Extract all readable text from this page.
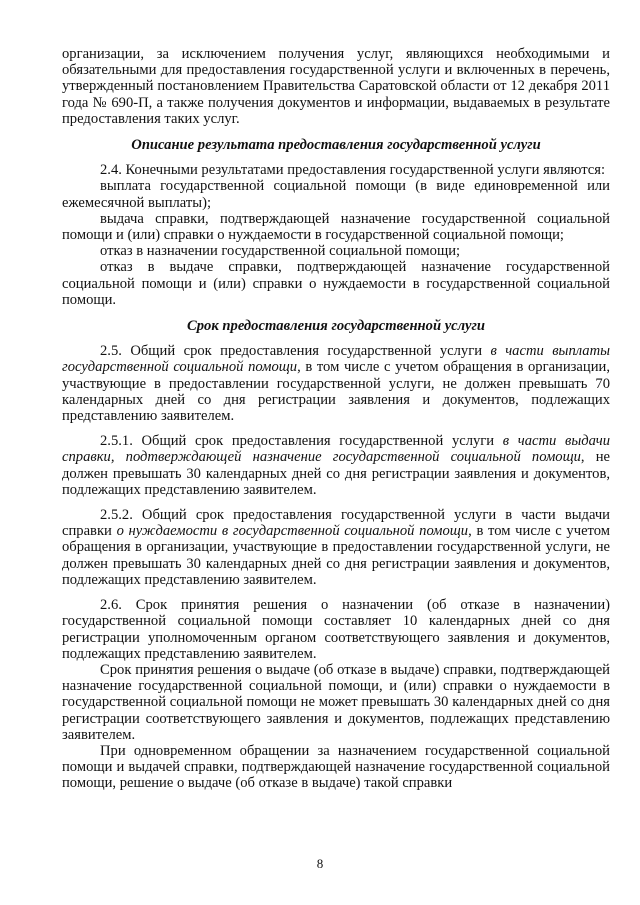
организации, за исключением получения услуг, являющихся необходимыми и обязательными для предоставления государственной услуги и включенных в перечень, утвержденный постановлением Правительства Саратовской области от 12 декабря 2011 года № 690-П, а также получения документов и информации, выдаваемых в результате предоставления таких услуг.

Описание результата предоставления государственной услуги

2.4. Конечными результатами предоставления государственной услуги являются:

выплата государственной социальной помощи (в виде единовременной или ежемесячной выплаты);

выдача справки, подтверждающей назначение государственной социальной помощи и (или) справки о нуждаемости в государственной социальной помощи;

отказ в назначении государственной социальной помощи;

отказ в выдаче справки, подтверждающей назначение государственной социальной помощи и (или) справки о нуждаемости в государственной социальной помощи.

Срок предоставления государственной услуги

2.5. Общий срок предоставления государственной услуги в части выплаты государственной социальной помощи, в том числе с учетом обращения в организации, участвующие в предоставлении государственной услуги, не должен превышать 70 календарных дней со дня регистрации заявления и документов, подлежащих представлению заявителем.

2.5.1. Общий срок предоставления государственной услуги в части выдачи справки, подтверждающей назначение государственной социальной помощи, не должен превышать 30 календарных дней со дня регистрации заявления и документов, подлежащих представлению заявителем.

2.5.2. Общий срок предоставления государственной услуги в части выдачи справки о нуждаемости в государственной социальной помощи, в том числе с учетом обращения в организации, участвующие в предоставлении государственной услуги, не должен превышать 30 календарных дней со дня регистрации заявления и документов, подлежащих представлению заявителем.

2.6. Срок принятия решения о назначении (об отказе в назначении) государственной социальной помощи составляет 10 календарных дней со дня регистрации уполномоченным органом соответствующего заявления и документов, подлежащих представлению заявителем.

Срок принятия решения о выдаче (об отказе в выдаче) справки, подтверждающей назначение государственной социальной помощи, и (или) справки о нуждаемости в государственной социальной помощи не может превышать 30 календарных дней со дня регистрации соответствующего заявления и документов, подлежащих представлению заявителем.

При одновременном обращении за назначением государственной социальной помощи и выдачей справки, подтверждающей назначение государственной социальной помощи, решение о выдаче (об отказе в выдаче) такой справки

8
